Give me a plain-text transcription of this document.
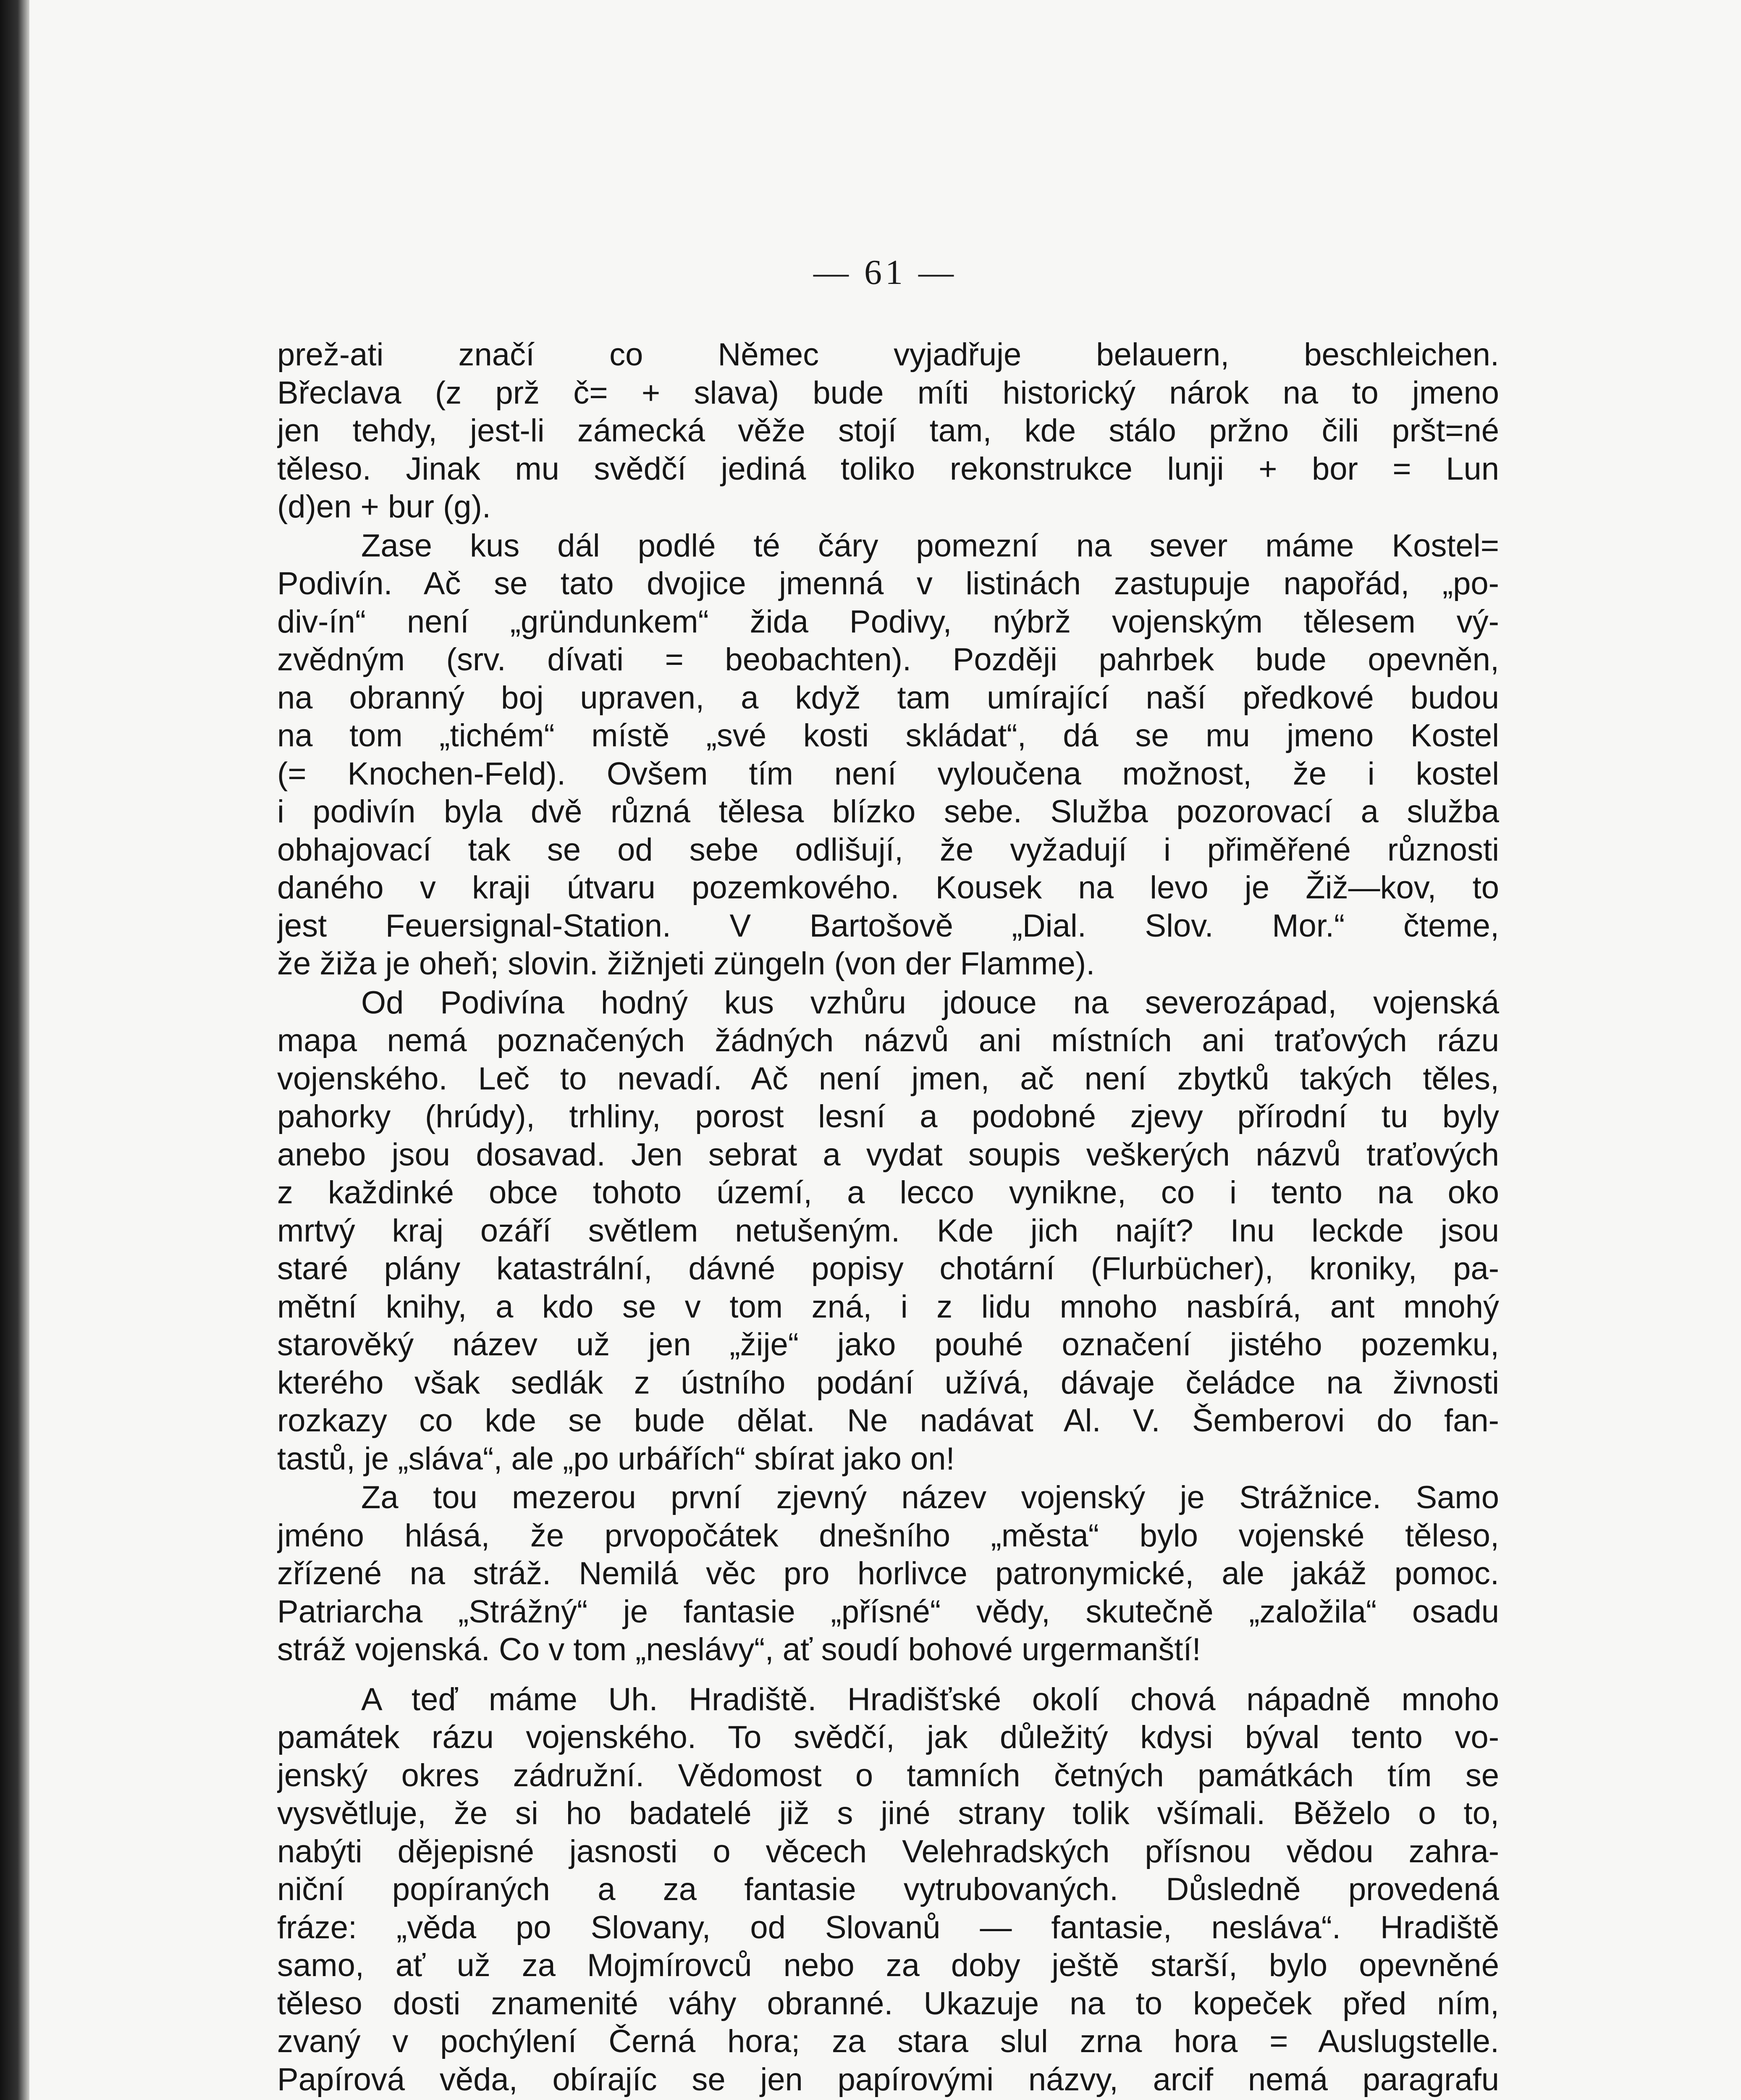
— 61 —

prež-ati značí co Němec vyjadřuje belauern, beschleichen.
Břeclava (z prž č= + slava) bude míti historický nárok na to jmeno
jen tehdy, jest-li zámecká věže stojí tam, kde stálo pržno čili pršt=né
těleso. Jinak mu svědčí jediná toliko rekonstrukce lunji + bor = Lun
(d)en + bur (g).

Zase kus dál podlé té čáry pomezní na sever máme Kostel=
Podivín. Ač se tato dvojice jmenná v listinách zastupuje napořád, „po-
div-ín“ není „gründunkem“ žida Podivy, nýbrž vojenským tělesem vý-
zvědným (srv. dívati = beobachten). Později pahrbek bude opevněn,
na obranný boj upraven, a když tam umírající naší předkové budou
na tom „tichém“ místě „své kosti skládat“, dá se mu jmeno Kostel
(= Knochen-Feld). Ovšem tím není vyloučena možnost, že i kostel
i podivín byla dvě různá tělesa blízko sebe. Služba pozorovací a služba
obhajovací tak se od sebe odlišují, že vyžadují i přiměřené různosti
daného v kraji útvaru pozemkového. Kousek na levo je Žiž—kov, to
jest Feuersignal-Station. V Bartošově „Dial. Slov. Mor.“ čteme,
že žiža je oheň; slovin. žižnjeti züngeln (von der Flamme).

Od Podivína hodný kus vzhůru jdouce na severozápad, vojenská
mapa nemá poznačených žádných názvů ani místních ani traťových rázu
vojenského. Leč to nevadí. Ač není jmen, ač není zbytků takých těles,
pahorky (hrúdy), trhliny, porost lesní a podobné zjevy přírodní tu byly
anebo jsou dosavad. Jen sebrat a vydat soupis veškerých názvů traťových
z každinké obce tohoto území, a lecco vynikne, co i tento na oko
mrtvý kraj ozáří světlem netušeným. Kde jich najít? Inu leckde jsou
staré plány katastrální, dávné popisy chotární (Flurbücher), kroniky, pa-
mětní knihy, a kdo se v tom zná, i z lidu mnoho nasbírá, ant mnohý
starověký název už jen „žije“ jako pouhé označení jistého pozemku,
kterého však sedlák z ústního podání užívá, dávaje čeládce na živnosti
rozkazy co kde se bude dělat. Ne nadávat Al. V. Šemberovi do fan-
tastů, je „sláva“, ale „po urbářích“ sbírat jako on!

Za tou mezerou první zjevný název vojenský je Strážnice. Samo
jméno hlásá, že prvopočátek dnešního „města“ bylo vojenské těleso,
zřízené na stráž. Nemilá věc pro horlivce patronymické, ale jakáž pomoc.
Patriarcha „Strážný“ je fantasie „přísné“ vědy, skutečně „založila“ osadu
stráž vojenská. Co v tom „neslávy“, ať soudí bohové urgermanští!

A teď máme Uh. Hradiště. Hradišťské okolí chová nápadně mnoho
památek rázu vojenského. To svědčí, jak důležitý kdysi býval tento vo-
jenský okres zádružní. Vědomost o tamních četných památkách tím se
vysvětluje, že si ho badatelé již s jiné strany tolik všímali. Běželo o to,
nabýti dějepisné jasnosti o věcech Velehradských přísnou vědou zahra-
niční popíraných a za fantasie vytrubovaných. Důsledně provedená
fráze: „věda po Slovany, od Slovanů — fantasie, nesláva“. Hradiště
samo, ať už za Mojmírovců nebo za doby ještě starší, bylo opevněné
těleso dosti znamenité váhy obranné. Ukazuje na to kopeček před ním,
zvaný v pochýlení Černá hora; za stara slul zrna hora = Auslugstelle.
Papírová věda, obírajíc se jen papírovými názvy, arcif nemá paragrafu
